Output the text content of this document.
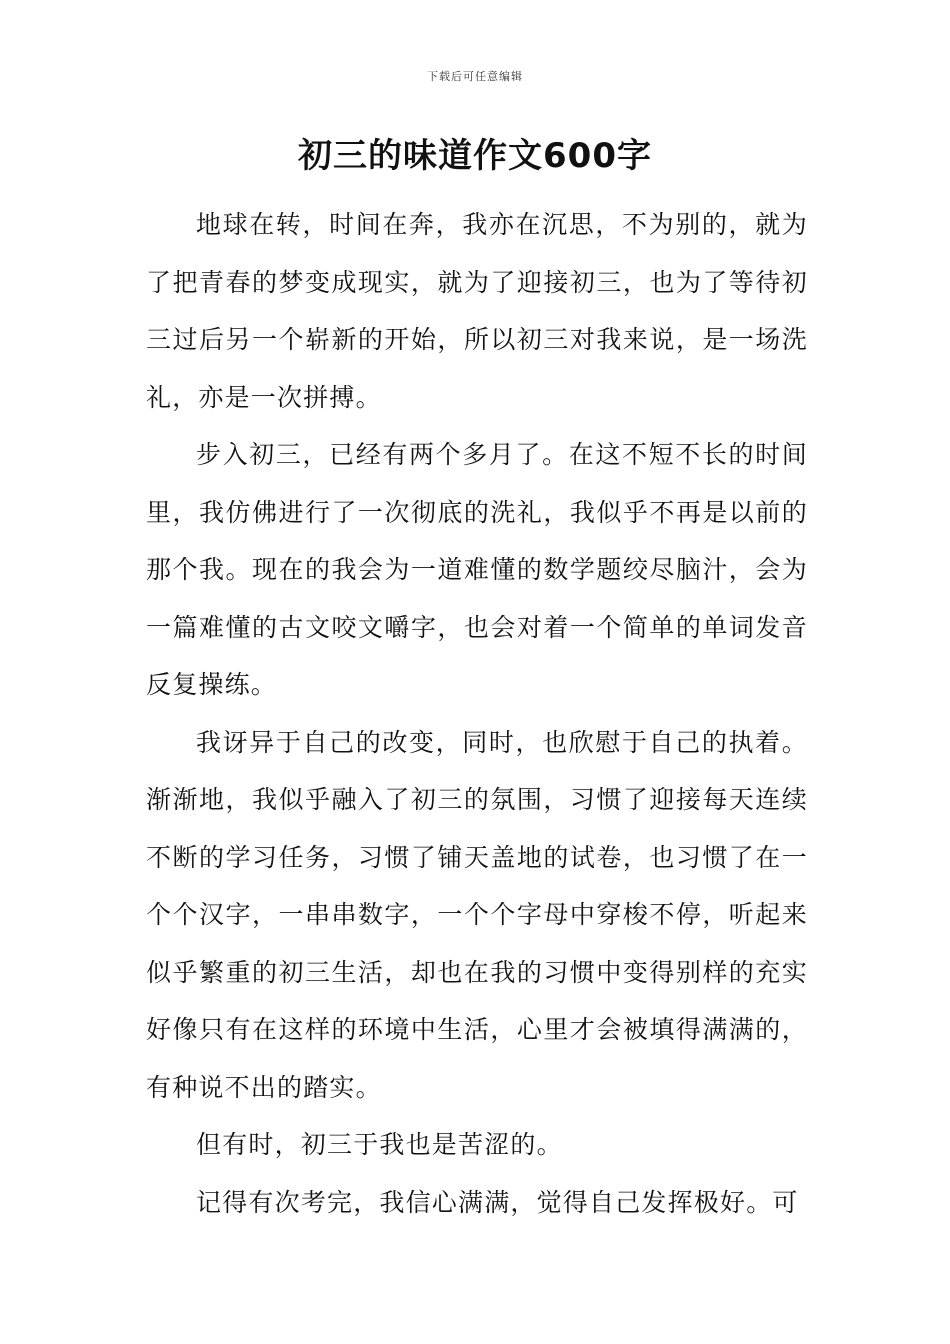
下载后可任意编辑
初三的味道作文600字

地球在转，时间在奔，我亦在沉思，不为别的，就为了把青春的梦变成现实，就为了迎接初三，也为了等待初三过后另一个崭新的开始，所以初三对我来说，是一场洗礼，亦是一次拼搏。

步入初三，已经有两个多月了。在这不短不长的时间里，我仿佛进行了一次彻底的洗礼，我似乎不再是以前的那个我。现在的我会为一道难懂的数学题绞尽脑汁，会为一篇难懂的古文咬文嚼字，也会对着一个简单的单词发音反复操练。

我讶异于自己的改变，同时，也欣慰于自己的执着。渐渐地，我似乎融入了初三的氛围，习惯了迎接每天连续不断的学习任务，习惯了铺天盖地的试卷，也习惯了在一个个汉字，一串串数字，一个个字母中穿梭不停，听起来似乎繁重的初三生活，却也在我的习惯中变得别样的充实好像只有在这样的环境中生活，心里才会被填得满满的，有种说不出的踏实。

但有时，初三于我也是苦涩的。

记得有次考完，我信心满满，觉得自己发挥极好。可
